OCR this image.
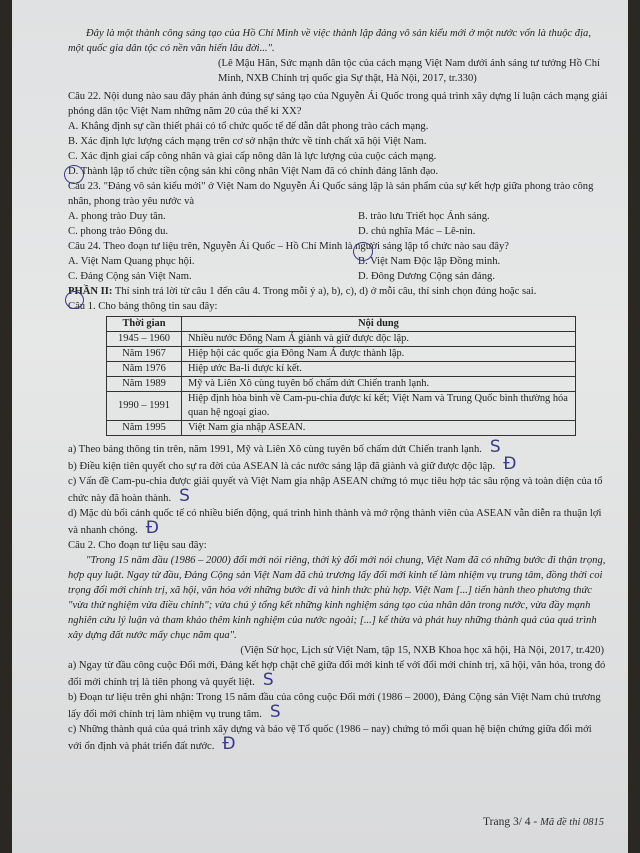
Đây là một thành công sáng tạo của Hồ Chí Minh về việc thành lập đảng vô sản kiểu mới ở một nước vốn là thuộc địa, một quốc gia dân tộc có nền văn hiến lâu đời...".

(Lê Mậu Hãn, Sức mạnh dân tộc của cách mạng Việt Nam dưới ánh sáng tư tưởng Hồ Chí Minh, NXB Chính trị quốc gia Sự thật, Hà Nội, 2017, tr.330)

Câu 22. Nội dung nào sau đây phản ánh đúng sự sáng tạo của Nguyễn Ái Quốc trong quá trình xây dựng lí luận cách mạng giải phóng dân tộc Việt Nam những năm 20 của thế kỉ XX?

A. Khẳng định sự cần thiết phải có tổ chức quốc tế để dẫn dắt phong trào cách mạng.

B. Xác định lực lượng cách mạng trên cơ sở nhận thức về tính chất xã hội Việt Nam.

C. Xác định giai cấp công nhân và giai cấp nông dân là lực lượng của cuộc cách mạng.

D. Thành lập tổ chức tiền cộng sản khi công nhân Việt Nam đã có chính đảng lãnh đạo.

Câu 23. "Đảng vô sản kiểu mới" ở Việt Nam do Nguyễn Ái Quốc sáng lập là sản phẩm của sự kết hợp giữa phong trào công nhân, phong trào yêu nước và

A. phong trào Duy tân.	B. trào lưu Triết học Ánh sáng.

C. phong trào Đông du.	D. chủ nghĩa Mác – Lê-nin.

Câu 24. Theo đoạn tư liệu trên, Nguyễn Ái Quốc – Hồ Chí Minh là người sáng lập tổ chức nào sau đây?

A. Việt Nam Quang phục hội.	B. Việt Nam Độc lập Đồng minh.

C. Đảng Cộng sản Việt Nam.	D. Đông Dương Cộng sản đảng.

PHẦN II: Thí sinh trả lời từ câu 1 đến câu 4. Trong mỗi ý a), b), c), d) ở mỗi câu, thí sinh chọn đúng hoặc sai.

Câu 1. Cho bảng thông tin sau đây:

Thời gian	Nội dung
1945 – 1960	Nhiều nước Đông Nam Á giành và giữ được độc lập.
Năm 1967	Hiệp hội các quốc gia Đông Nam Á được thành lập.
Năm 1976	Hiệp ước Ba-li được kí kết.
Năm 1989	Mỹ và Liên Xô cùng tuyên bố chấm dứt Chiến tranh lạnh.
1990 – 1991	Hiệp định hòa bình về Cam-pu-chia được kí kết; Việt Nam và Trung Quốc bình thường hóa quan hệ ngoại giao.
Năm 1995	Việt Nam gia nhập ASEAN.

a) Theo bảng thông tin trên, năm 1991, Mỹ và Liên Xô cùng tuyên bố chấm dứt Chiến tranh lạnh. S

b) Điều kiện tiên quyết cho sự ra đời của ASEAN là các nước sáng lập đã giành và giữ được độc lập. Đ

c) Vấn đề Cam-pu-chia được giải quyết và Việt Nam gia nhập ASEAN chứng tỏ mục tiêu hợp tác sâu rộng và toàn diện của tổ chức này đã hoàn thành. S

d) Mặc dù bối cảnh quốc tế có nhiều biến động, quá trình hình thành và mở rộng thành viên của ASEAN vẫn diễn ra thuận lợi và nhanh chóng. Đ

Câu 2. Cho đoạn tư liệu sau đây:

"Trong 15 năm đầu (1986 – 2000) đổi mới nói riêng, thời kỳ đổi mới nói chung, Việt Nam đã có những bước đi thận trọng, hợp quy luật. Ngay từ đầu, Đảng Cộng sản Việt Nam đã chủ trương lấy đổi mới kinh tế làm nhiệm vụ trung tâm, đồng thời coi trọng đổi mới chính trị, xã hội, văn hóa với những bước đi và hình thức phù hợp. Việt Nam [...] tiến hành theo phương thức "vừa thử nghiệm vừa điều chỉnh"; vừa chú ý tổng kết những kinh nghiệm sáng tạo của nhân dân trong nước, vừa đầy mạnh nghiên cứu lý luận và tham khảo thêm kinh nghiệm của nước ngoài; [...] kế thừa và phát huy những thành quả của quá trình xây dựng đất nước mấy chục năm qua".

(Viện Sử học, Lịch sử Việt Nam, tập 15, NXB Khoa học xã hội, Hà Nội, 2017, tr.420)

a) Ngay từ đầu công cuộc Đổi mới, Đảng kết hợp chặt chẽ giữa đổi mới kinh tế với đổi mới chính trị, xã hội, văn hóa, trong đó đổi mới chính trị là tiên phong và quyết liệt. S

b) Đoạn tư liệu trên ghi nhận: Trong 15 năm đầu của công cuộc Đổi mới (1986 – 2000), Đảng Cộng sản Việt Nam chủ trương lấy đổi mới chính trị làm nhiệm vụ trung tâm. S

c) Những thành quả của quá trình xây dựng và bảo vệ Tổ quốc (1986 – nay) chứng tỏ mối quan hệ biện chứng giữa đổi mới với ổn định và phát triển đất nước. Đ

Trang 3/ 4 - Mã đề thi 0815
